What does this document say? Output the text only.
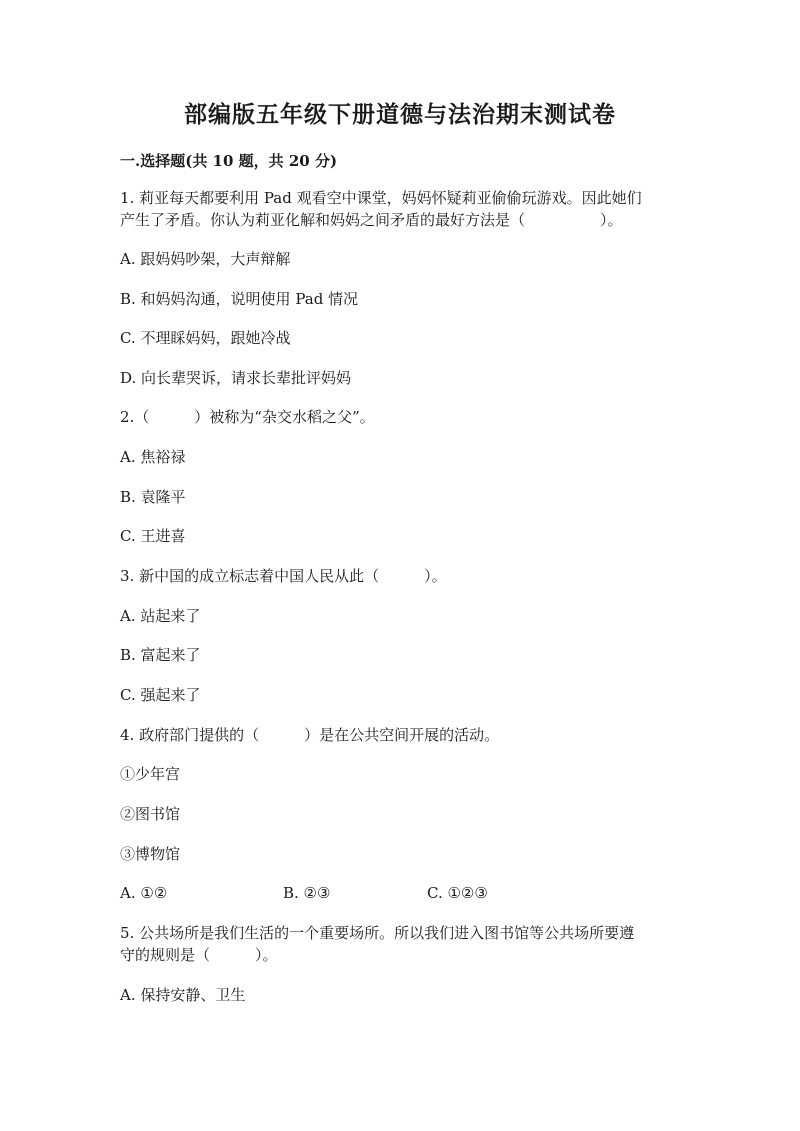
部编版五年级下册道德与法治期末测试卷
一.选择题(共 10 题，共 20 分)
1. 莉亚每天都要利用 Pad 观看空中课堂，妈妈怀疑莉亚偷偷玩游戏。因此她们
产生了矛盾。你认为莉亚化解和妈妈之间矛盾的最好方法是（　　　　　）。
A. 跟妈妈吵架，大声辩解
B. 和妈妈沟通，说明使用 Pad 情况
C. 不理睬妈妈，跟她冷战
D. 向长辈哭诉，请求长辈批评妈妈
2.（　　　）被称为“杂交水稻之父”。
A. 焦裕禄
B. 袁隆平
C. 王进喜
3. 新中国的成立标志着中国人民从此（　　　）。
A. 站起来了
B. 富起来了
C. 强起来了
4. 政府部门提供的（　　　）是在公共空间开展的活动。
①少年宫
②图书馆
③博物馆
A. ①②	B. ②③	C. ①②③
5. 公共场所是我们生活的一个重要场所。所以我们进入图书馆等公共场所要遵
守的规则是（　　　）。
A. 保持安静、卫生
